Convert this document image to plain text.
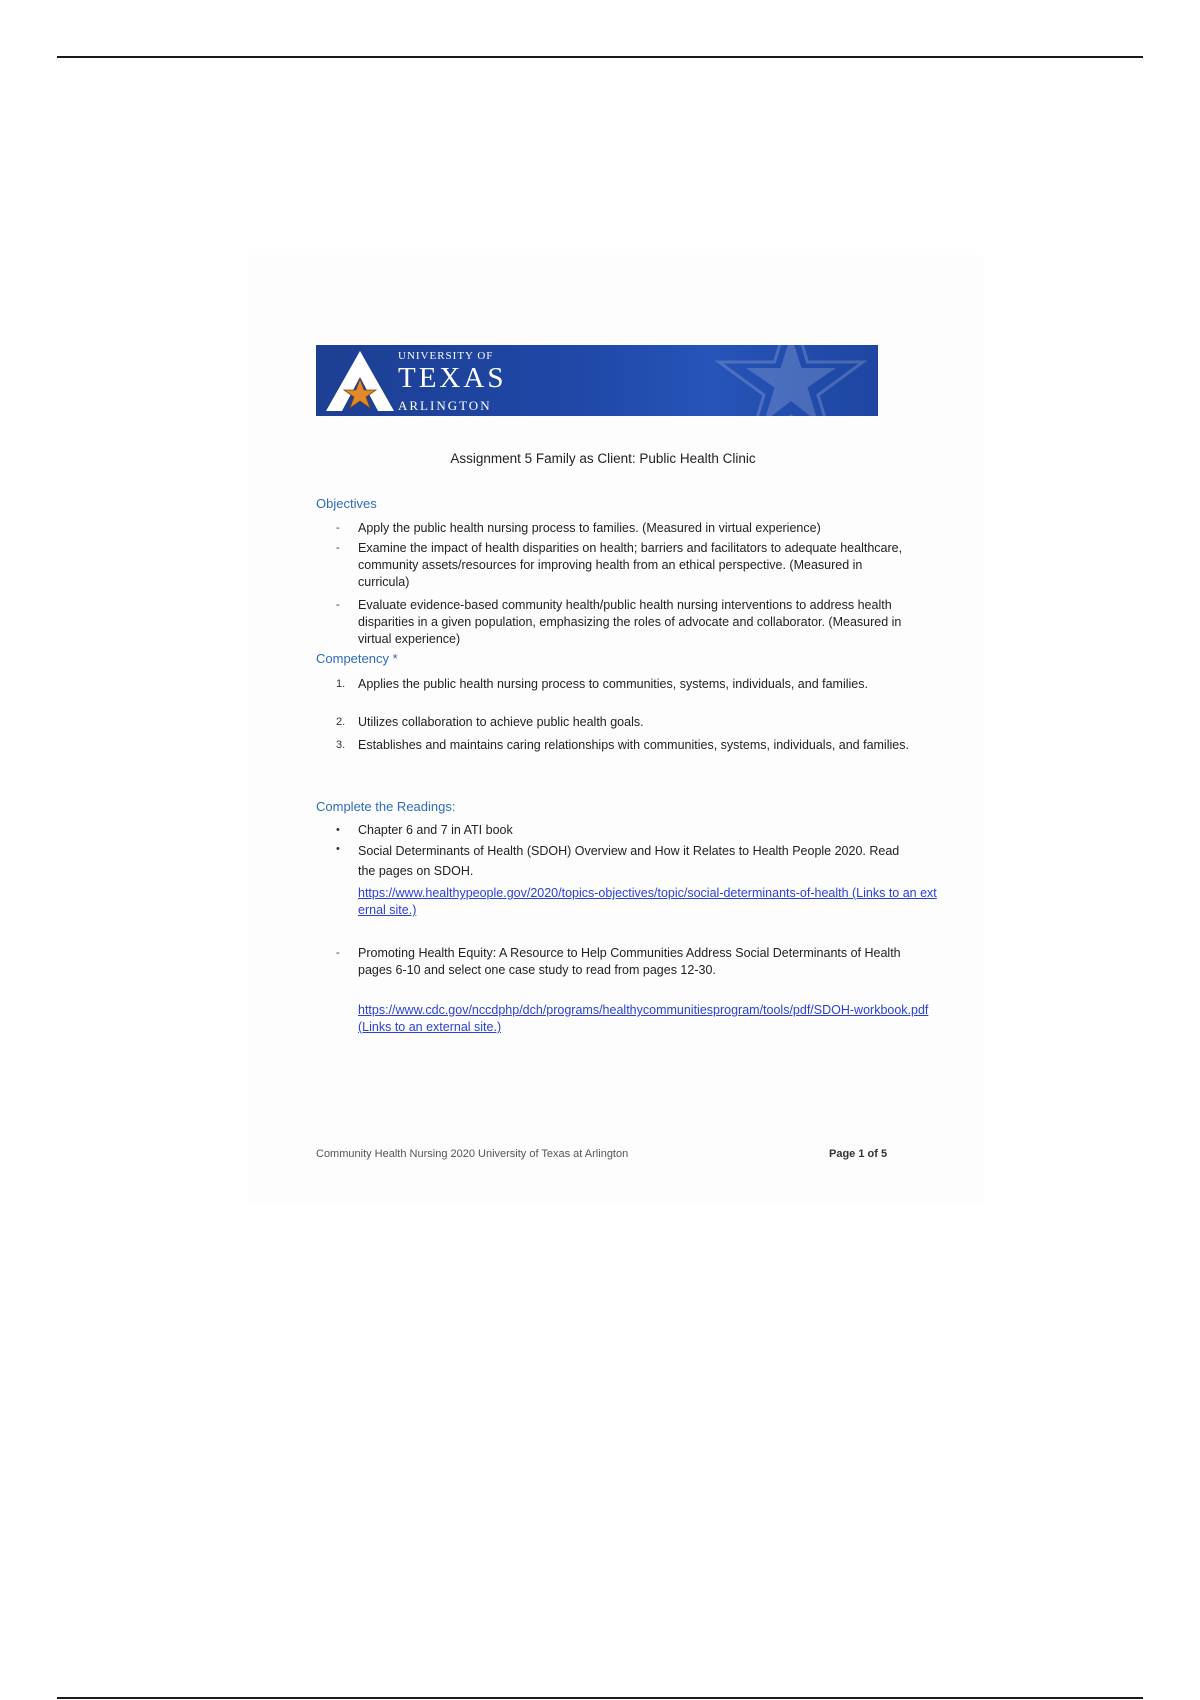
UNIVERSITY OF
TEXAS
ARLINGTON
Assignment 5 Family as Client: Public Health Clinic
Objectives
-	Apply the public health nursing process to families. (Measured in virtual experience)
-	Examine the impact of health disparities on health; barriers and facilitators to adequate healthcare, community assets/resources for improving health from an ethical perspective. (Measured in curricula)
-	Evaluate evidence-based community health/public health nursing interventions to address health disparities in a given population, emphasizing the roles of advocate and collaborator. (Measured in virtual experience)
Competency *
1.	Applies the public health nursing process to communities, systems, individuals, and families.
2.	Utilizes collaboration to achieve public health goals.
3.	Establishes and maintains caring relationships with communities, systems, individuals, and families.
Complete the Readings:
•	Chapter 6 and 7 in ATI book
•	Social Determinants of Health (SDOH) Overview and How it Relates to Health People 2020. Read the pages on SDOH.
https://www.healthypeople.gov/2020/topics-objectives/topic/social-determinants-of-health (Links to an external site.)
-	Promoting Health Equity: A Resource to Help Communities Address Social Determinants of Health pages 6-10 and select one case study to read from pages 12-30.
https://www.cdc.gov/nccdphp/dch/programs/healthycommunitiesprogram/tools/pdf/SDOH-workbook.pdf (Links to an external site.)
Community Health Nursing 2020 University of Texas at Arlington	Page 1 of 5
